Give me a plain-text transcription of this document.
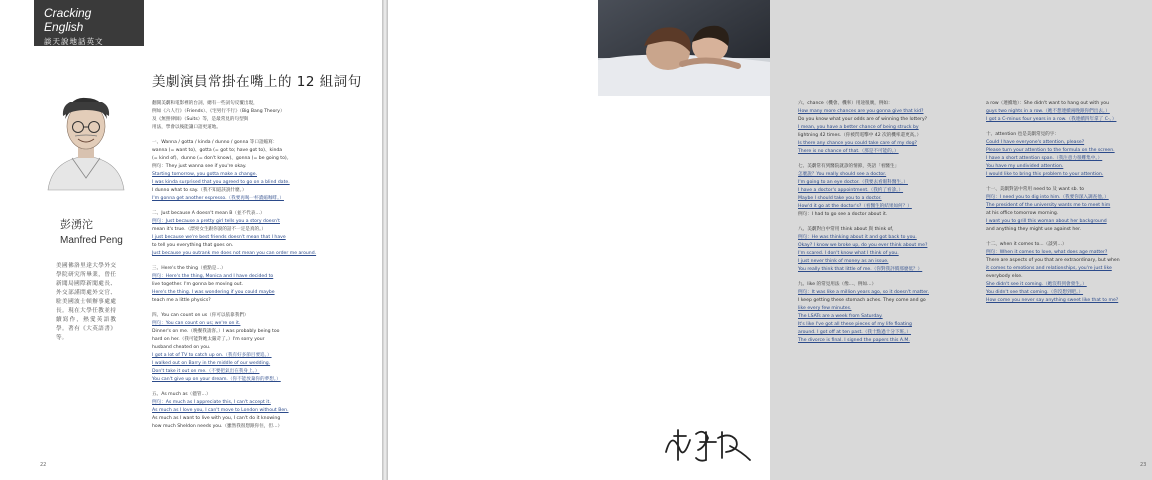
Cracking English
談天說地話英文
美劇演員常掛在嘴上的 12 組詞句
彭湧沱
Manfred Peng
美國佛洛里達大學外交學院研究所畢業，曾任新聞局國際新聞處長、外交部謹問處外交官、駐美國波士頓辦事處處長。現在大學任教並持續寫作，熱愛英語教學。著有《大英語書》等。

翻開美劇和電影裡的台詞，總有一些詞句反覆出現，
例如《六人行》（Friends）、《宅男行不行》（Big Bang Theory）
及《無照律師》（Suits）等，是最常見的句型與
用法，學會以後能讓口語更道地。

一、Wanna / gotta / kinda / dunno / gonna 等口語縮寫：
wanna (= want to)、gotta (= got to; have got to)、kinda
(= kind of)、dunno (= don't know)、gonna (= be going to)。
例句：They just wanna see if you're okay.
Starting tomorrow, you gotta make a change.
I was kinda surprised that you agreed to go on a blind date.
I dunno what to say.（我不知道該說什麼。）
I'm gonna get another espresso.（我要再喝一杯濃縮咖啡。）

二、Just because A doesn't mean B（並不代表…）
例句：Just because a pretty girl tells you a story doesn't
mean it's true.（漂亮女生跟你說的話不一定是真的。）
I just because we're best friends doesn't mean that I have
to tell you everything that goes on.
Just because you outrank me does not mean you can order me around.

三、Here's the thing（重點是…）
例句：Here's the thing, Monica and I have decided to
live together. I'm gonna be moving out.
Here's the thing. I was wondering if you could maybe
teach me a little physics?

四、You can count on us（你可以依靠我們）
例句：You can count on us; we're on it.
Dinner's on me.（晚餐我請客。）I was probably being too
hard on her.（我可能對她太嚴苛了。）I'm sorry your
husband cheated on you.
I got a lot of TV to catch up on.（我有好多節目要追。）
I walked out on Barry in the middle of our wedding.
Don't take it out on me.（不要把氣出在我身上。）
You can't give up on your dream.（你不能放棄你的夢想。）

五、As much as（儘管…）
例句：As much as I appreciate this, I can't accept it.
As much as I love you, I can't move to London without Ben.
As much as I want to live with you, I can't do it knowing
how much Sheldon needs you.（雖然我很想跟你住，但…）

22

六、chance（機會、機率）用途很廣，例如：
How many more chances are you gonna give that kid?
Do you know what your odds are of winning the lottery?
I mean, you have a better chance of being struck by
lightning 42 times.（你被閃電擊中 42 次的機率還更高。）
Is there any chance you could take care of my dog?
There is no chance of that.（那是不可能的。）

七、美劇常有到醫院就診的情節，英語「看醫生」
怎麼說？You really should see a doctor.
I'm going to an eye doctor.（我要去看眼科醫生。）
I have a doctor's appointment.（我約了看診。）
Maybe I should take you to a doctor.
How'd it go at the doctor's?（看醫生的結果如何？）
例句：I had to go see a doctor about it.

八、美劇對白中常用 think about 與 think of，
例句：He was thinking about it and got back to you.
Okay? I know we broke up, do you ever think about me?
I'm scared. I don't know what I think of you.
I just never think of money as an issue.
You really think that little of me.（你對我評價那麼低？）

九、like 的常見用法（像…、例如…）
例句：It was like a million years ago, so it doesn't matter.
I keep getting these stomach aches. They come and go
like every few minutes.
The LSATs are a week from Saturday.
It's like I've got all these pieces of my life floating
around. I got off at ten past.（我十點過十分下班。）
The divorce is final. I signed the papers this A.M.

a row（連續地）：She didn't want to hang out with you
guys two nights in a row.（她不想連續兩晚跟你們出去。）
I got a C-minus four years in a row.（我連續四年拿了 C-。）

十、attention 也是美劇常見的字：
Could I have everyone's attention, please?
Please turn your attention to the formula on the screen.
I have a short attention span.（我注意力很難集中。）
You have my undivided attention.
I would like to bring this problem to your attention.

十一、美劇對話中常用 need to 及 want sb. to
例句：I need you to dig into him.（我要你深入調查他。）
The president of the university wants me to meet him
at his office tomorrow morning.
I want you to grill this woman about her background
and anything they might use against her.

十二、when it comes to...（談到…）
例句：When it comes to love, what does age matter?
There are aspects of you that are extraordinary, but when
it comes to emotions and relationships, you're just like
everybody else.
She didn't see it coming.（她沒料到會發生。）
You didn't see that coming.（你沒想到吧。）
How come you never say anything sweet like that to me?

23
